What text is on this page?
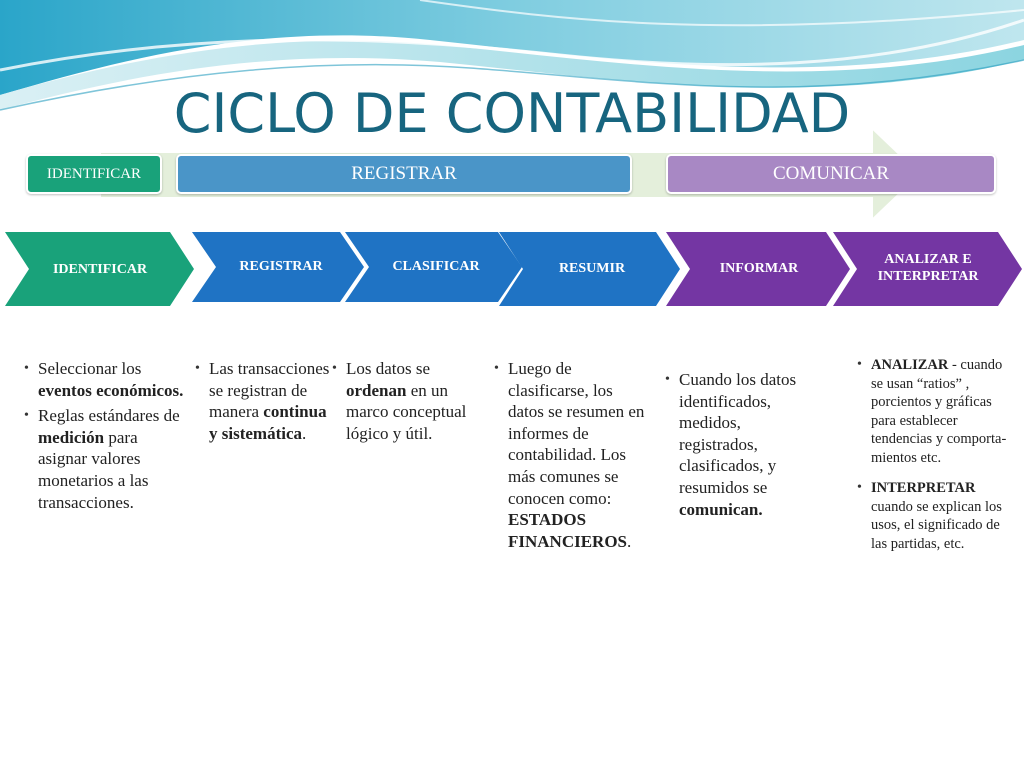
CICLO DE CONTABILIDAD
IDENTIFICAR	REGISTRAR	COMUNICAR
IDENTIFICAR	REGISTRAR	CLASIFICAR	RESUMIR	INFORMAR
ANALIZAR E INTERPRETAR
• Seleccionar los eventos económicos.
• Reglas estándares de medición para asignar valores monetarios a las transacciones.
• Las transacciones se registran de manera continua y sistemática.
• Los datos se ordenan en un marco conceptual lógico y útil.
• Luego de clasificarse, los datos se resumen en informes de contabilidad. Los más comunes se conocen como: ESTADOS FINANCIEROS.
• Cuando los datos identificados, medidos, registrados, clasificados, y resumidos se comunican.
• ANALIZAR - cuando se usan “ratios” , porcientos y gráficas para establecer tendencias y comporta-mientos etc.
• INTERPRETAR cuando se explican los usos, el significado de las partidas, etc.
